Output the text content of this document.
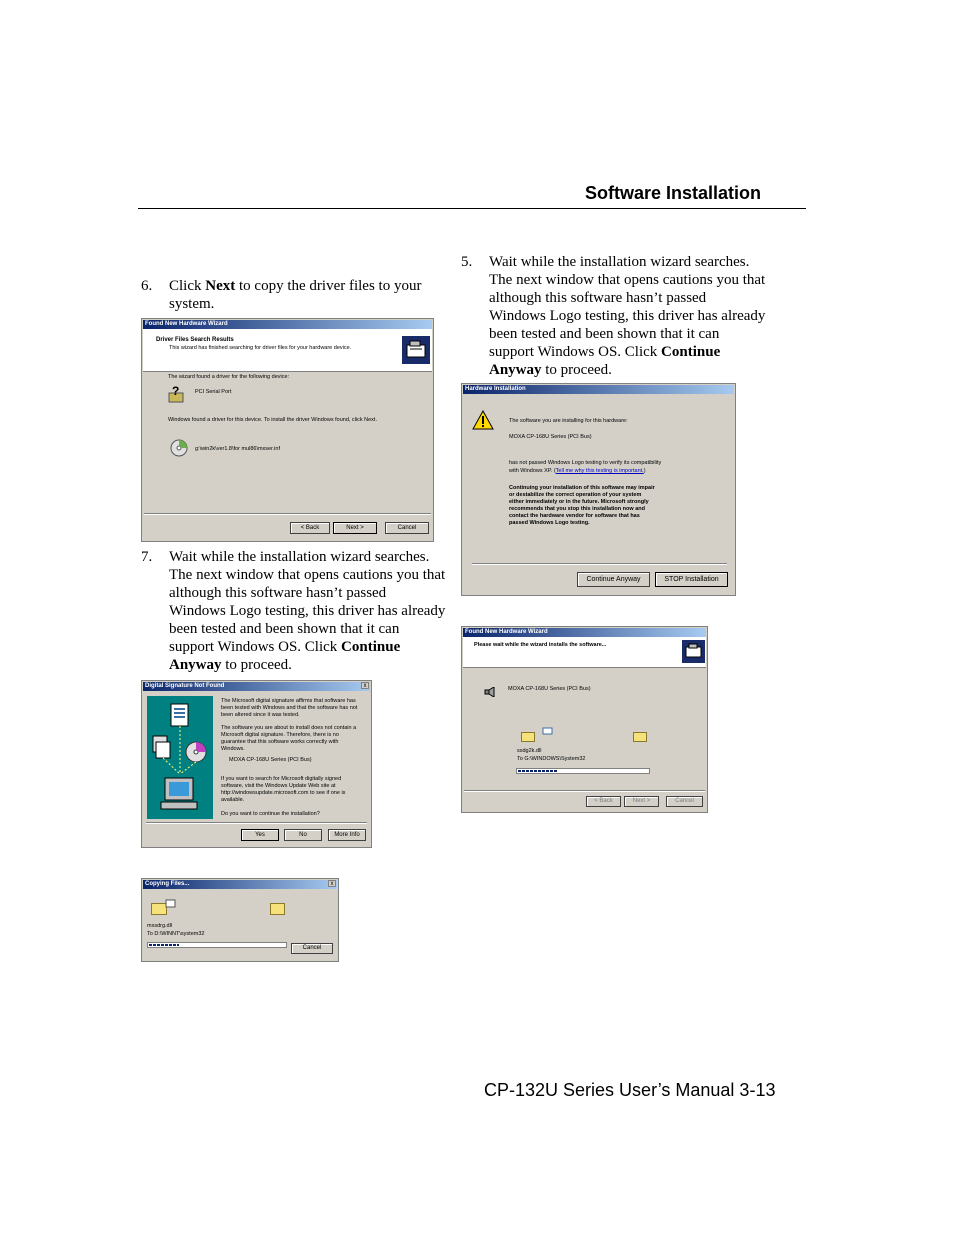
Software Installation
5. Wait while the installation wizard searches.
The next window that opens cautions you that
although this software hasn’t passed
Windows Logo testing, this driver has already
been tested and been shown that it can
support Windows OS. Click Continue
Anyway to proceed.
6. Click Next to copy the driver files to your
system.
7. Wait while the installation wizard searches.
The next window that opens cautions you that
although this software hasn’t passed
Windows Logo testing, this driver has already
been tested and been shown that it can
support Windows OS. Click Continue
Anyway to proceed.
Found New Hardware Wizard
Driver Files Search Results
This wizard has finished searching for driver files for your hardware device.
The wizard found a driver for the following device:
?	PCI Serial Port
Windows found a driver for this device. To install the driver Windows found, click Next.
g:\win2k\ver1.8\for mul86\mxser.inf
< Back	Next >	Cancel
Hardware Installation
The software you are installing for this hardware:
MOXA CP-168U Series (PCI Bus)
has not passed Windows Logo testing to verify its compatibility
with Windows XP. (Tell me why this testing is important.)
Continuing your installation of this software may impair
or destabilize the correct operation of your system
either immediately or in the future. Microsoft strongly
recommends that you stop this installation now and
contact the hardware vendor for software that has
passed Windows Logo testing.
Continue Anyway	STOP Installation
Found New Hardware Wizard
Please wait while the wizard installs the software...
MOXA CP-168U Series (PCI Bus)
ssdg2k.dll
To G:\WINDOWS\System32
< Back	Next >	Cancel
Digital Signature Not Found	x
The Microsoft digital signature affirms that software has
been tested with Windows and that the software has not
been altered since it was tested.
The software you are about to install does not contain a
Microsoft digital signature. Therefore, there is no
guarantee that this software works correctly with
Windows.
MOXA CP-168U Series (PCI Bus)
If you want to search for Microsoft digitally signed
software, visit the Windows Update Web site at
http://windowsupdate.microsoft.com to see if one is
available.
Do you want to continue the installation?
Yes	No	More Info
Copying Files...	x
mxsdrg.dll
To D:\WINNT\system32
Cancel
CP-132U Series User’s Manual 3-13
